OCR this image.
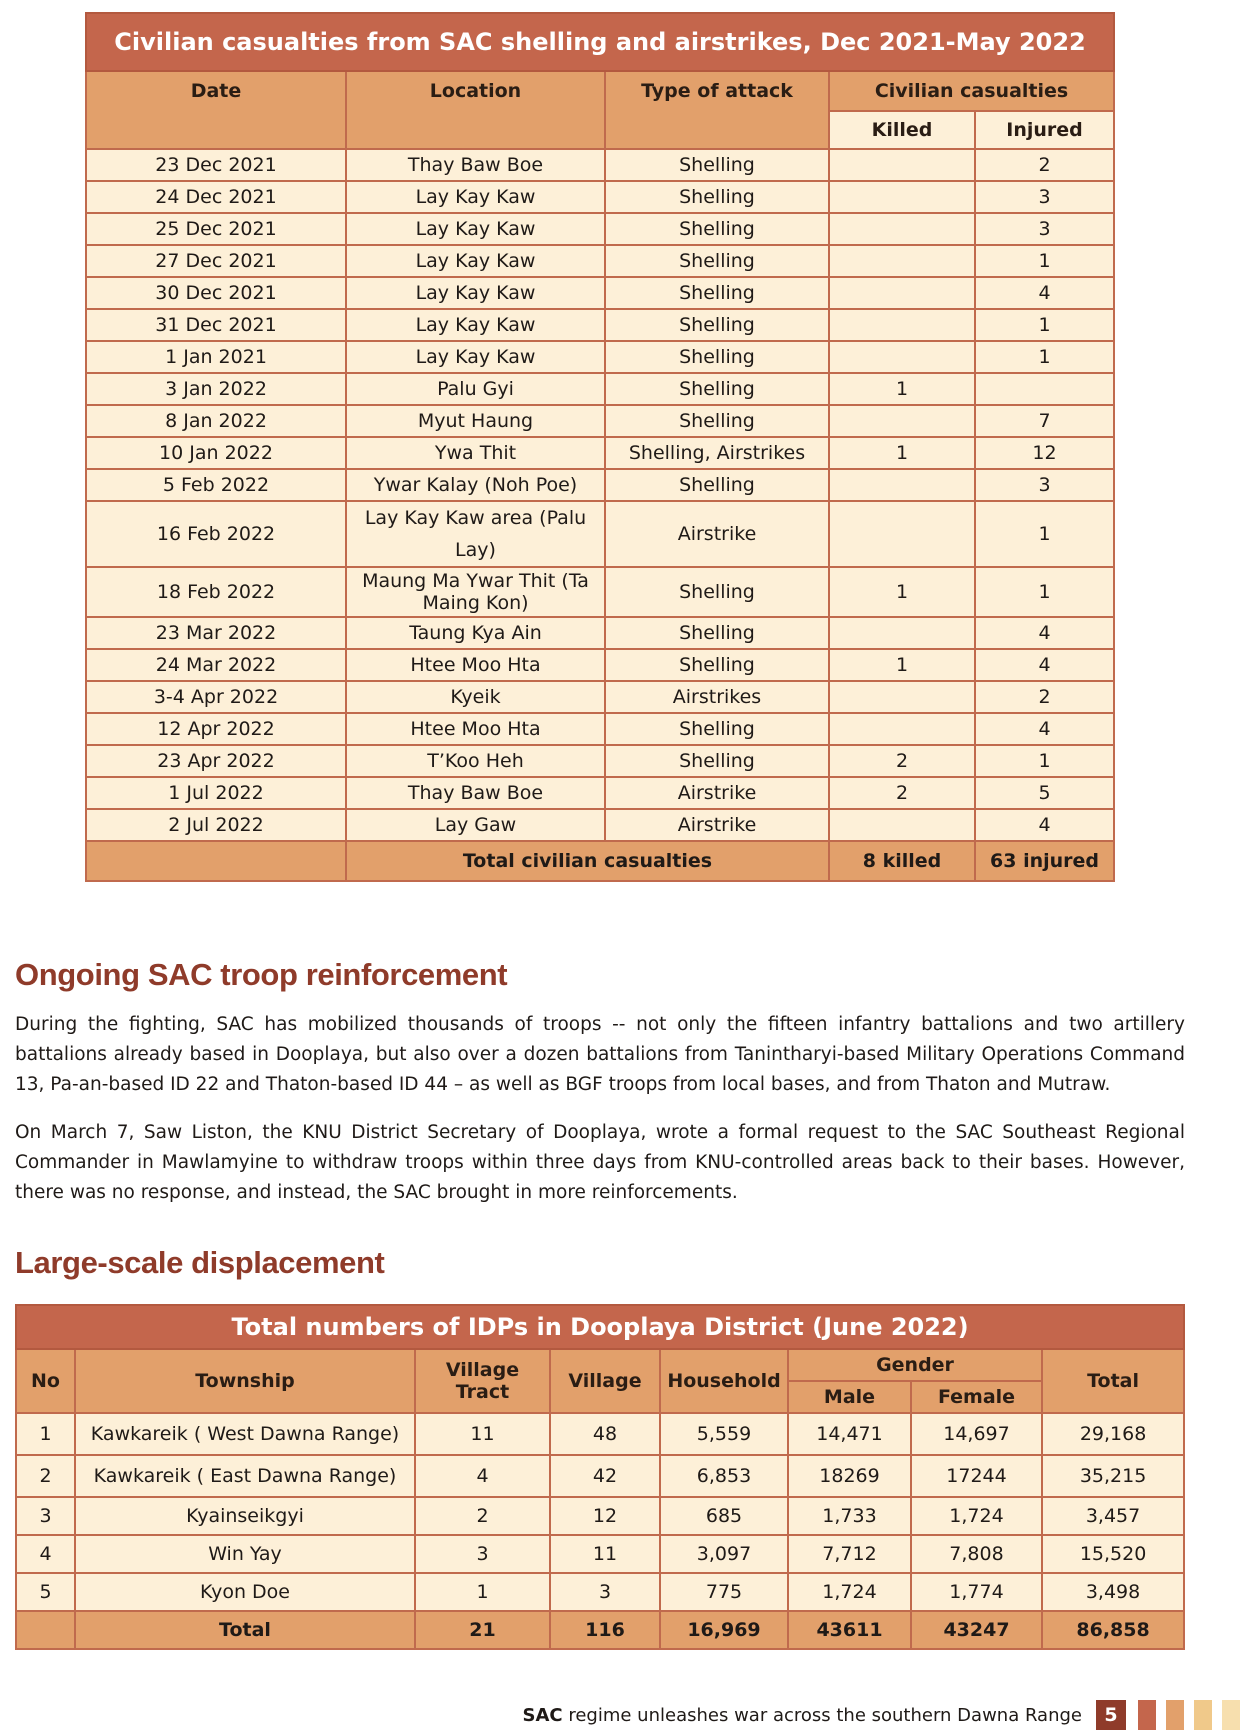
Civilian casualties from SAC shelling and airstrikes, Dec 2021-May 2022				
Date	Location	Type of attack	Civilian casualties	
			Killed	Injured
23 Dec 2021	Thay Baw Boe	Shelling		2
24 Dec 2021	Lay Kay Kaw	Shelling		3
25 Dec 2021	Lay Kay Kaw	Shelling		3
27 Dec 2021	Lay Kay Kaw	Shelling		1
30 Dec 2021	Lay Kay Kaw	Shelling		4
31 Dec 2021	Lay Kay Kaw	Shelling		1
1 Jan 2021	Lay Kay Kaw	Shelling		1
3 Jan 2022	Palu Gyi	Shelling	1	
8 Jan 2022	Myut Haung	Shelling		7
10 Jan 2022	Ywa Thit	Shelling, Airstrikes	1	12
5 Feb 2022	Ywar Kalay (Noh Poe)	Shelling		3
16 Feb 2022	Lay Kay Kaw area (Palu Lay)	Airstrike		1
18 Feb 2022	Maung Ma Ywar Thit (Ta Maing Kon)	Shelling	1	1
23 Mar 2022	Taung Kya Ain	Shelling		4
24 Mar 2022	Htee Moo Hta	Shelling	1	4
3-4 Apr 2022	Kyeik	Airstrikes		2
12 Apr 2022	Htee Moo Hta	Shelling		4
23 Apr 2022	T’Koo Heh	Shelling	2	1
1 Jul 2022	Thay Baw Boe	Airstrike	2	5
2 Jul 2022	Lay Gaw	Airstrike		4
	Total civilian casualties		8 killed	63 injured
Ongoing SAC troop reinforcement

During the fighting, SAC has mobilized thousands of troops -- not only the fifteen infantry battalions and two artillery battalions already based in Dooplaya, but also over a dozen battalions from Tanintharyi-based Military Operations Command 13, Pa-an-based ID 22 and Thaton-based ID 44 – as well as BGF troops from local bases, and from Thaton and Mutraw.

On March 7, Saw Liston, the KNU District Secretary of Dooplaya, wrote a formal request to the SAC Southeast Regional Commander in Mawlamyine to withdraw troops within three days from KNU-controlled areas back to their bases. However, there was no response, and instead, the SAC brought in more reinforcements.

Large-scale displacement
Total numbers of IDPs in Dooplaya District (June 2022)							
No	Township	Village Tract	Village	Household	Gender		Total
					Male	Female	
1	Kawkareik ( West Dawna Range)	11	48	5,559	14,471	14,697	29,168
2	Kawkareik ( East Dawna Range)	4	42	6,853	18269	17244	35,215
3	Kyainseikgyi	2	12	685	1,733	1,724	3,457
4	Win Yay	3	11	3,097	7,712	7,808	15,520
5	Kyon Doe	1	3	775	1,724	1,774	3,498
	Total	21	116	16,969	43611	43247	86,858
SAC regime unleashes war across the southern Dawna Range	5
